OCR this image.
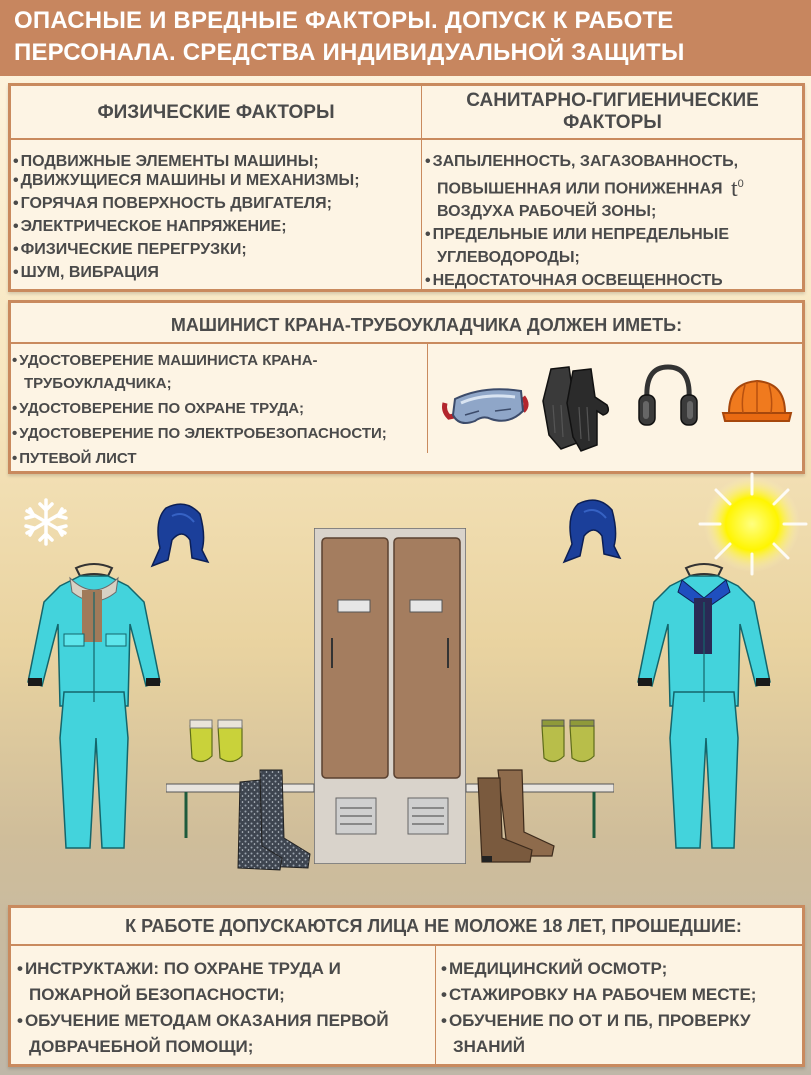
ОПАСНЫЕ И ВРЕДНЫЕ ФАКТОРЫ. ДОПУСК К РАБОТЕ
ПЕРСОНАЛА. СРЕДСТВА ИНДИВИДУАЛЬНОЙ ЗАЩИТЫ
ФИЗИЧЕСКИЕ ФАКТОРЫ
САНИТАРНО-ГИГИЕНИЧЕСКИЕ
ФАКТОРЫ
• ПОДВИЖНЫЕ ЭЛЕМЕНТЫ МАШИНЫ;
• ДВИЖУЩИЕСЯ МАШИНЫ И МЕХАНИЗМЫ;
• ГОРЯЧАЯ ПОВЕРХНОСТЬ ДВИГАТЕЛЯ;
• ЭЛЕКТРИЧЕСКОЕ НАПРЯЖЕНИЕ;
• ФИЗИЧЕСКИЕ ПЕРЕГРУЗКИ;
• ШУМ, ВИБРАЦИЯ
• ЗАПЫЛЕННОСТЬ, ЗАГАЗОВАННОСТЬ,
ПОВЫШЕННАЯ ИЛИ ПОНИЖЕННАЯ $t^0$
ВОЗДУХА РАБОЧЕЙ ЗОНЫ;
• ПРЕДЕЛЬНЫЕ ИЛИ НЕПРЕДЕЛЬНЫЕ
УГЛЕВОДОРОДЫ;
• НЕДОСТАТОЧНАЯ ОСВЕЩЕННОСТЬ
МАШИНИСТ КРАНА-ТРУБОУКЛАДЧИКА ДОЛЖЕН ИМЕТЬ:
• УДОСТОВЕРЕНИЕ МАШИНИСТА КРАНА-
ТРУБОУКЛАДЧИКА;
• УДОСТОВЕРЕНИЕ ПО ОХРАНЕ ТРУДА;
• УДОСТОВЕРЕНИЕ ПО ЭЛЕКТРОБЕЗОПАСНОСТИ;
• ПУТЕВОЙ ЛИСТ
К РАБОТЕ ДОПУСКАЮТСЯ ЛИЦА НЕ МОЛОЖЕ 18 ЛЕТ, ПРОШЕДШИЕ:
• ИНСТРУКТАЖИ: ПО ОХРАНЕ ТРУДА И
ПОЖАРНОЙ БЕЗОПАСНОСТИ;
• ОБУЧЕНИЕ МЕТОДАМ ОКАЗАНИЯ ПЕРВОЙ
ДОВРАЧЕБНОЙ ПОМОЩИ;
• МЕДИЦИНСКИЙ ОСМОТР;
• СТАЖИРОВКУ НА РАБОЧЕМ МЕСТЕ;
• ОБУЧЕНИЕ ПО ОТ И ПБ, ПРОВЕРКУ
ЗНАНИЙ
